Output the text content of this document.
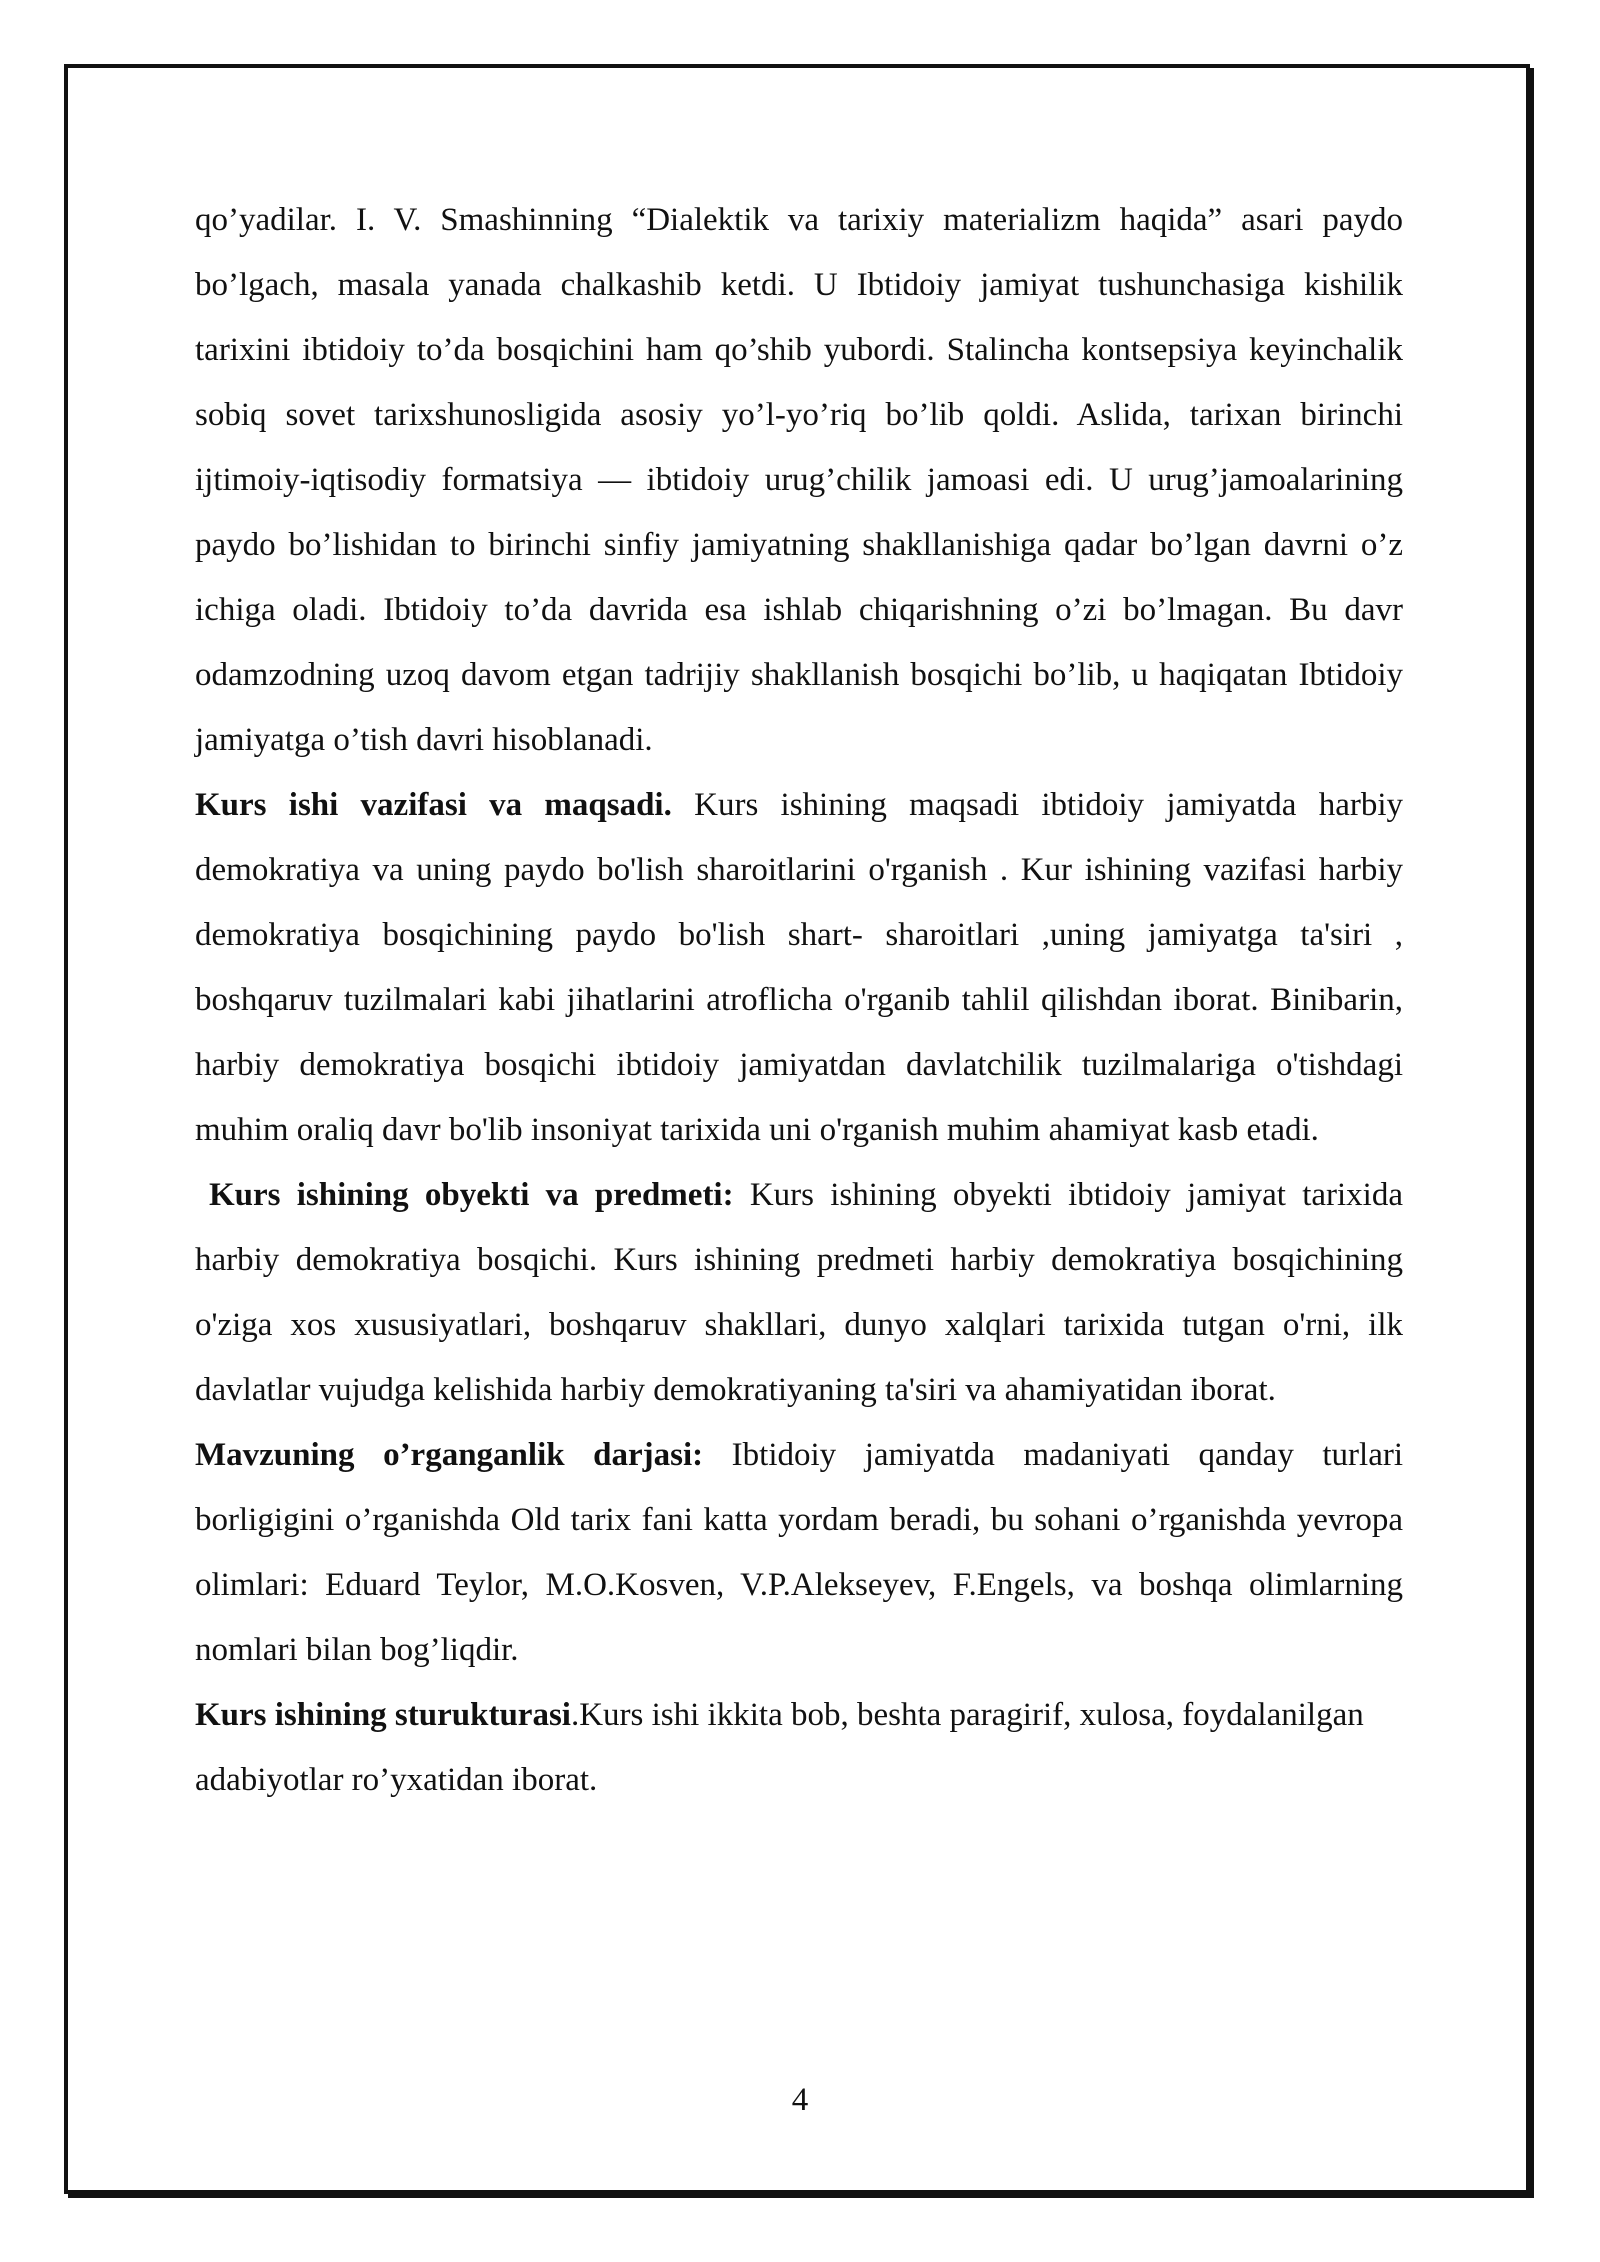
qo’yadilar. I. V. Smashinning “Dialektik va tarixiy materializm haqida” asari paydo bo’lgach, masala yanada chalkashib ketdi. U Ibtidoiy jamiyat tushunchasiga kishilik tarixini ibtidoiy to’da bosqichini ham qo’shib yubordi. Stalincha kontsepsiya keyinchalik sobiq sovet tarixshunosligida asosiy yo’l-yo’riq bo’lib qoldi. Aslida, tarixan birinchi ijtimoiy-iqtisodiy formatsiya — ibtidoiy urug’chilik jamoasi edi. U urug’jamoalarining paydo bo’lishidan to birinchi sinfiy jamiyatning shakllanishiga qadar bo’lgan davrni o’z ichiga oladi. Ibtidoiy to’da davrida esa ishlab chiqarishning o’zi bo’lmagan. Bu davr odamzodning uzoq davom etgan tadrijiy shakllanish bosqichi bo’lib, u haqiqatan Ibtidoiy jamiyatga o’tish davri hisoblanadi.

Kurs ishi vazifasi va maqsadi. Kurs ishining maqsadi ibtidoiy jamiyatda harbiy demokratiya va uning paydo bo'lish sharoitlarini o'rganish . Kur ishining vazifasi harbiy demokratiya bosqichining paydo bo'lish shart- sharoitlari ,uning jamiyatga ta'siri , boshqaruv tuzilmalari kabi jihatlarini atroflicha o'rganib tahlil qilishdan iborat. Binibarin, harbiy demokratiya bosqichi ibtidoiy jamiyatdan davlatchilik tuzilmalariga o'tishdagi muhim oraliq davr bo'lib insoniyat tarixida uni o'rganish muhim ahamiyat kasb etadi.

Kurs ishining obyekti va predmeti: Kurs ishining obyekti ibtidoiy jamiyat tarixida harbiy demokratiya bosqichi. Kurs ishining predmeti harbiy demokratiya bosqichining o'ziga xos xususiyatlari, boshqaruv shakllari, dunyo xalqlari tarixida tutgan o'rni, ilk davlatlar vujudga kelishida harbiy demokratiyaning ta'siri va ahamiyatidan iborat.

Mavzuning o’rganganlik darjasi: Ibtidoiy jamiyatda madaniyati qanday turlari borligigini o’rganishda Old tarix fani katta yordam beradi, bu sohani o’rganishda yevropa olimlari: Eduard Teylor, M.O.Kosven, V.P.Alekseyev, F.Engels, va boshqa olimlarning nomlari bilan bog’liqdir.

Kurs ishining sturukturasi.Kurs ishi ikkita bob, beshta paragirif, xulosa, foydalanilgan adabiyotlar ro’yxatidan iborat.

4
